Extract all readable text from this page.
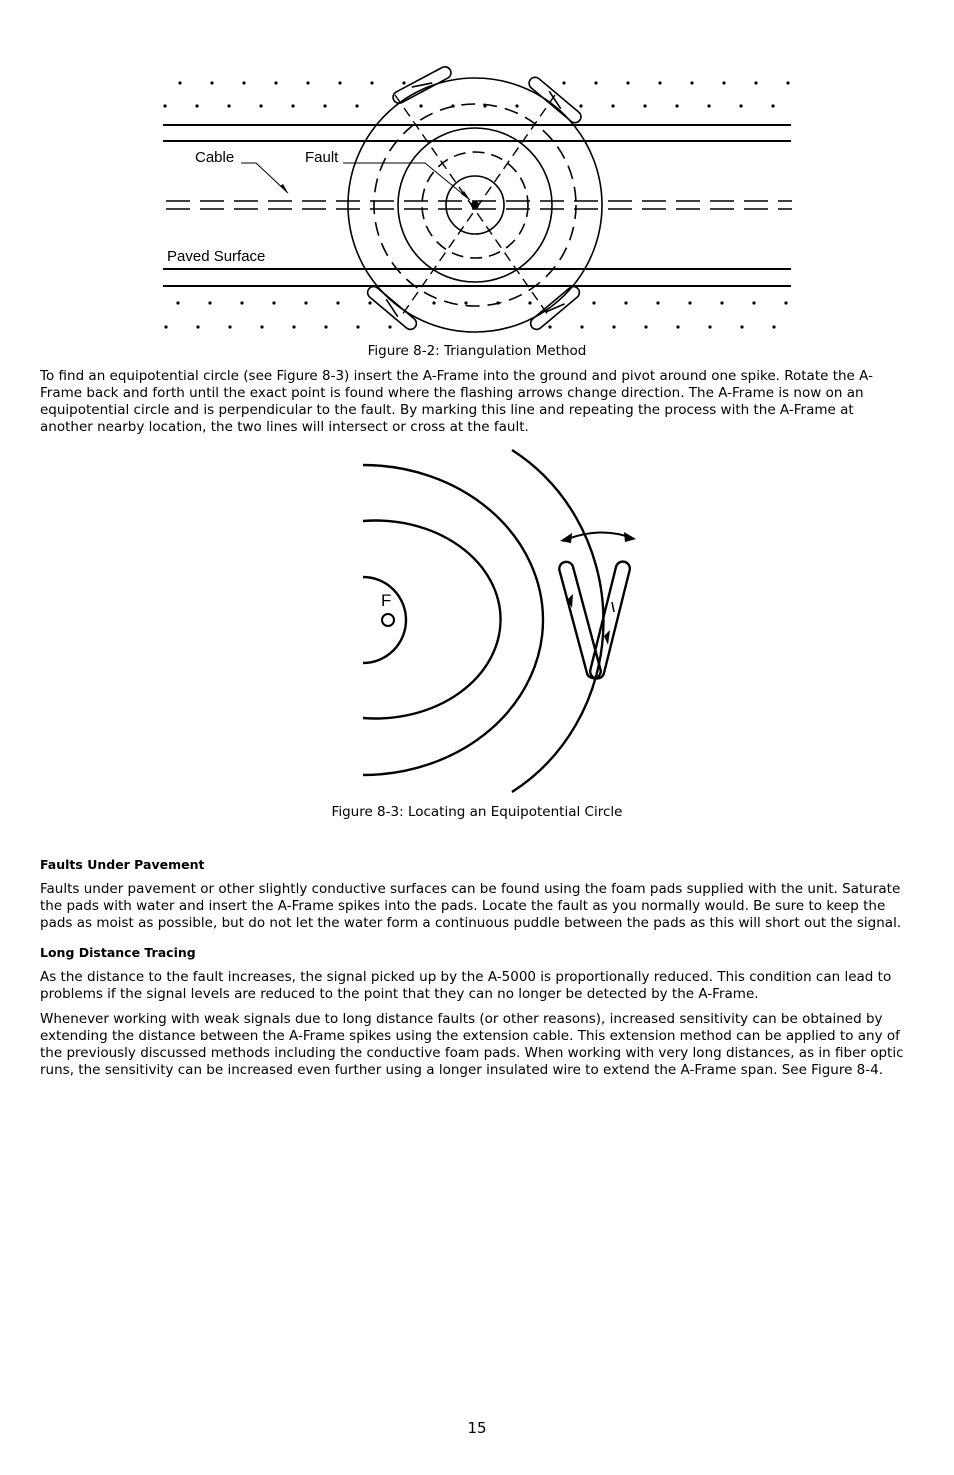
Cable	Fault
Paved Surface
Figure 8-2: Triangulation Method

To find an equipotential circle (see Figure 8-3) insert the A-Frame into the ground and pivot around one spike. Rotate the A-Frame back and forth until the exact point is found where the flashing arrows change direction. The A-Frame is now on an equipotential circle and is perpendicular to the fault. By marking this line and repeating the process with the A-Frame at another nearby location, the two lines will intersect or cross at the fault.

F
Figure 8-3: Locating an Equipotential Circle
Faults Under Pavement

Faults under pavement or other slightly conductive surfaces can be found using the foam pads supplied with the unit. Saturate the pads with water and insert the A-Frame spikes into the pads. Locate the fault as you normally would. Be sure to keep the pads as moist as possible, but do not let the water form a continuous puddle between the pads as this will short out the signal.

Long Distance Tracing

As the distance to the fault increases, the signal picked up by the A-5000 is proportionally reduced. This condition can lead to problems if the signal levels are reduced to the point that they can no longer be detected by the A-Frame.

Whenever working with weak signals due to long distance faults (or other reasons), increased sensitivity can be obtained by extending the distance between the A-Frame spikes using the extension cable. This extension method can be applied to any of the previously discussed methods including the conductive foam pads. When working with very long distances, as in fiber optic runs, the sensitivity can be increased even further using a longer insulated wire to extend the A-Frame span. See Figure 8-4.

15
